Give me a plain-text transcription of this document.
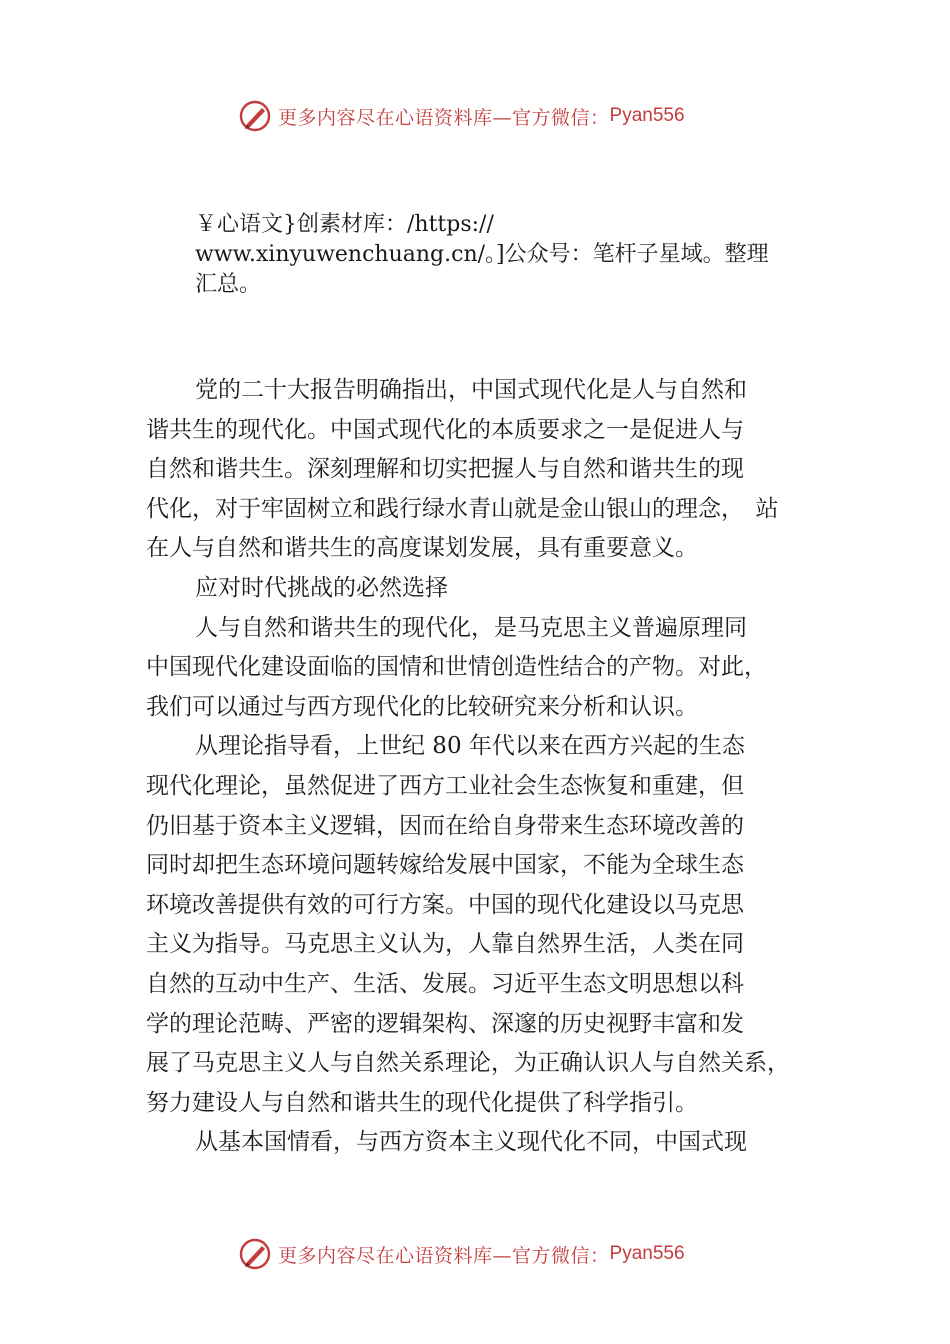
更多内容尽在心语资料库—官方微信： Pyan556
￥心语文}创素材库：/https://
www.xinyuwenchuang.cn/。]公众号：笔杆子星域。整理
汇总。
党的二十大报告明确指出，中国式现代化是人与自然和
谐共生的现代化。中国式现代化的本质要求之一是促进人与
自然和谐共生。深刻理解和切实把握人与自然和谐共生的现
代化，对于牢固树立和践行绿水青山就是金山银山的理念，　站
在人与自然和谐共生的高度谋划发展，具有重要意义。
应对时代挑战的必然选择
人与自然和谐共生的现代化，是马克思主义普遍原理同
中国现代化建设面临的国情和世情创造性结合的产物。对此，
我们可以通过与西方现代化的比较研究来分析和认识。
从理论指导看，上世纪 80 年代以来在西方兴起的生态
现代化理论，虽然促进了西方工业社会生态恢复和重建，但
仍旧基于资本主义逻辑，因而在给自身带来生态环境改善的
同时却把生态环境问题转嫁给发展中国家，不能为全球生态
环境改善提供有效的可行方案。中国的现代化建设以马克思
主义为指导。马克思主义认为，人靠自然界生活，人类在同
自然的互动中生产、生活、发展。习近平生态文明思想以科
学的理论范畴、严密的逻辑架构、深邃的历史视野丰富和发
展了马克思主义人与自然关系理论，为正确认识人与自然关系，
努力建设人与自然和谐共生的现代化提供了科学指引。
从基本国情看，与西方资本主义现代化不同，中国式现
更多内容尽在心语资料库—官方微信： Pyan556
